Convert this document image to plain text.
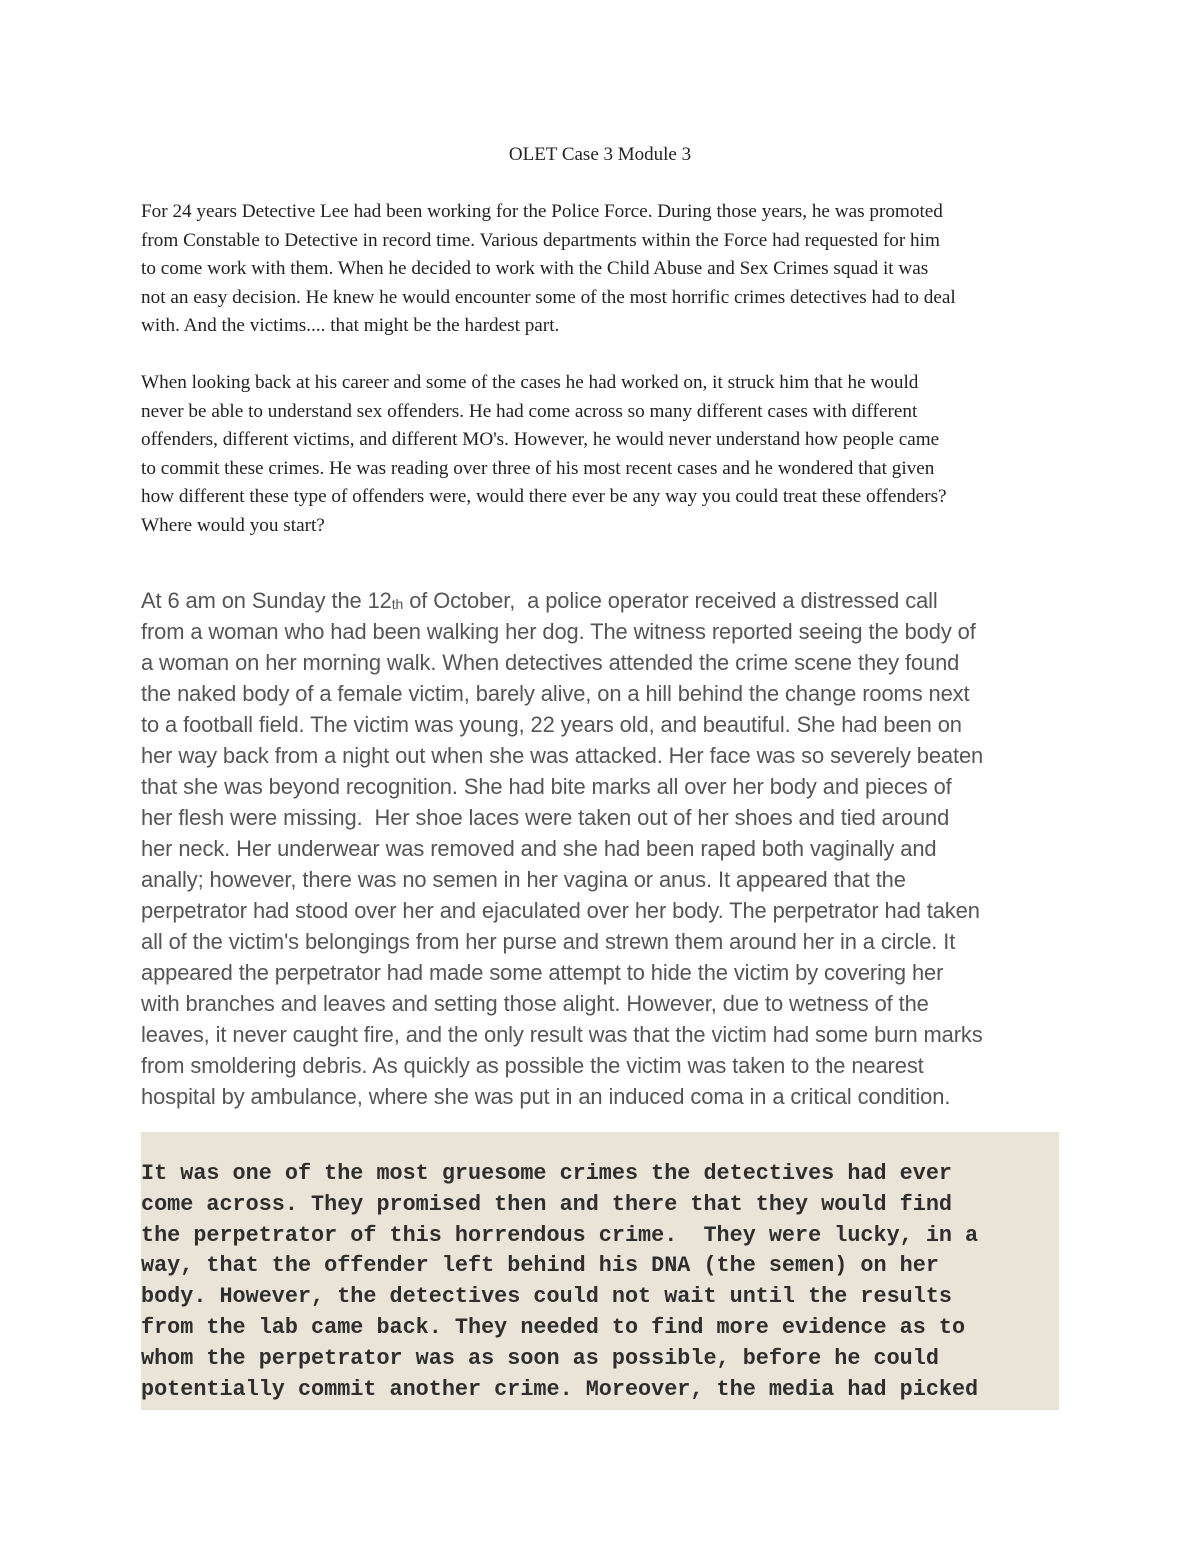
OLET Case 3 Module 3

For 24 years Detective Lee had been working for the Police Force. During those years, he was promoted
from Constable to Detective in record time. Various departments within the Force had requested for him
to come work with them. When he decided to work with the Child Abuse and Sex Crimes squad it was
not an easy decision. He knew he would encounter some of the most horrific crimes detectives had to deal
with. And the victims.... that might be the hardest part.

When looking back at his career and some of the cases he had worked on, it struck him that he would
never be able to understand sex offenders. He had come across so many different cases with different
offenders, different victims, and different MO's. However, he would never understand how people came
to commit these crimes. He was reading over three of his most recent cases and he wondered that given
how different these type of offenders were, would there ever be any way you could treat these offenders?
Where would you start?

At 6 am on Sunday the $12_{th}$ of October,  a police operator received a distressed call
from a woman who had been walking her dog. The witness reported seeing the body of
a woman on her morning walk. When detectives attended the crime scene they found
the naked body of a female victim, barely alive, on a hill behind the change rooms next
to a football field. The victim was young, 22 years old, and beautiful. She had been on
her way back from a night out when she was attacked. Her face was so severely beaten
that she was beyond recognition. She had bite marks all over her body and pieces of
her flesh were missing.  Her shoe laces were taken out of her shoes and tied around
her neck. Her underwear was removed and she had been raped both vaginally and
anally; however, there was no semen in her vagina or anus. It appeared that the
perpetrator had stood over her and ejaculated over her body. The perpetrator had taken
all of the victim's belongings from her purse and strewn them around her in a circle. It
appeared the perpetrator had made some attempt to hide the victim by covering her
with branches and leaves and setting those alight. However, due to wetness of the
leaves, it never caught fire, and the only result was that the victim had some burn marks
from smoldering debris. As quickly as possible the victim was taken to the nearest
hospital by ambulance, where she was put in an induced coma in a critical condition.

It was one of the most gruesome crimes the detectives had ever
come across. They promised then and there that they would find
the perpetrator of this horrendous crime.  They were lucky, in a
way, that the offender left behind his DNA (the semen) on her
body. However, the detectives could not wait until the results
from the lab came back. They needed to find more evidence as to
whom the perpetrator was as soon as possible, before he could
potentially commit another crime. Moreover, the media had picked
